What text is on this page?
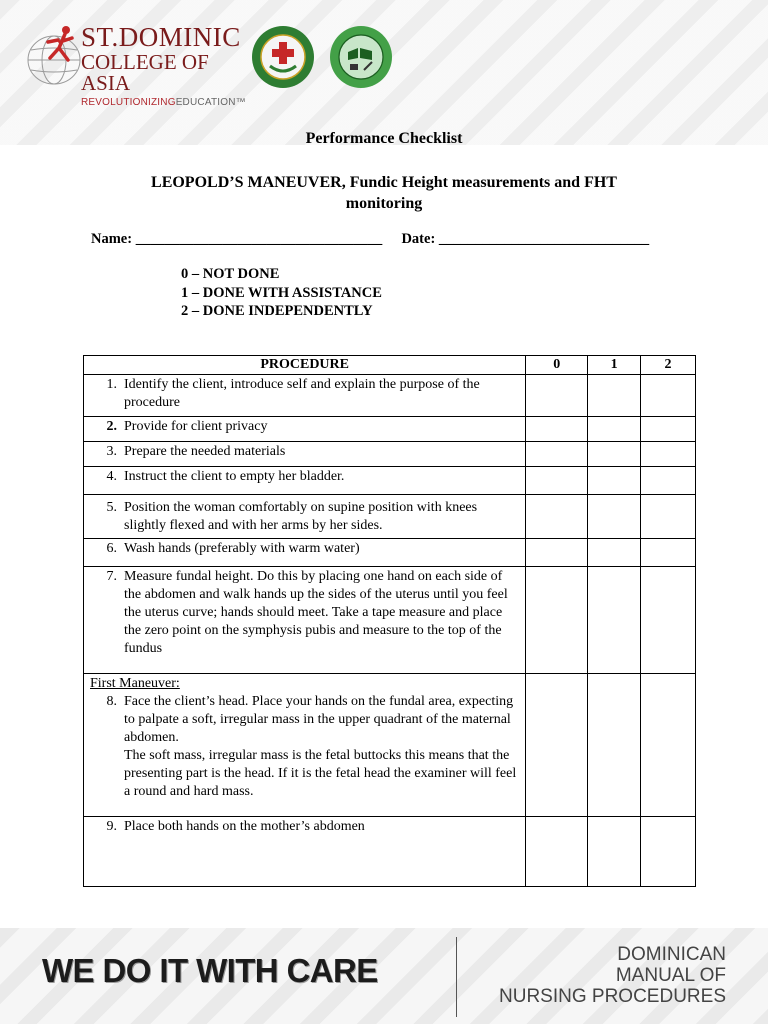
ST.DOMINIC
COLLEGE OF ASIA
REVOLUTIONIZINGEDUCATION™
Performance Checklist
LEOPOLD’S MANEUVER, Fundic Height measurements and FHT
monitoring
Name: __________________________________ Date: _____________________________
0 – NOT DONE
1 – DONE WITH ASSISTANCE
2 – DONE INDEPENDENTLY
PROCEDURE	0	1	2

1. Identify the client, introduce self and explain the purpose of the procedure			

2. Provide for client privacy			

3. Prepare the needed materials			

4. Instruct the client to empty her bladder.			

5. Position the woman comfortably on supine position with knees slightly flexed and with her arms by her sides.			

6. Wash hands (preferably with warm water)			

7. Measure fundal height. Do this by placing one hand on each side of the abdomen and walk hands up the sides of the uterus until you feel the uterus curve; hands should meet. Take a tape measure and place the zero point on the symphysis pubis and measure to the top of the fundus			

First Maneuver:
8. Face the client’s head. Place your hands on the fundal area, expecting to palpate a soft, irregular mass in the upper quadrant of the maternal abdomen.
The soft mass, irregular mass is the fetal buttocks this means that the presenting part is the head. If it is the fetal head the examiner will feel a round and hard mass.			

9. Place both hands on the mother’s abdomen			

WE DO IT WITH CARE	DOMINICAN
MANUAL OF
NURSING PROCEDURES
